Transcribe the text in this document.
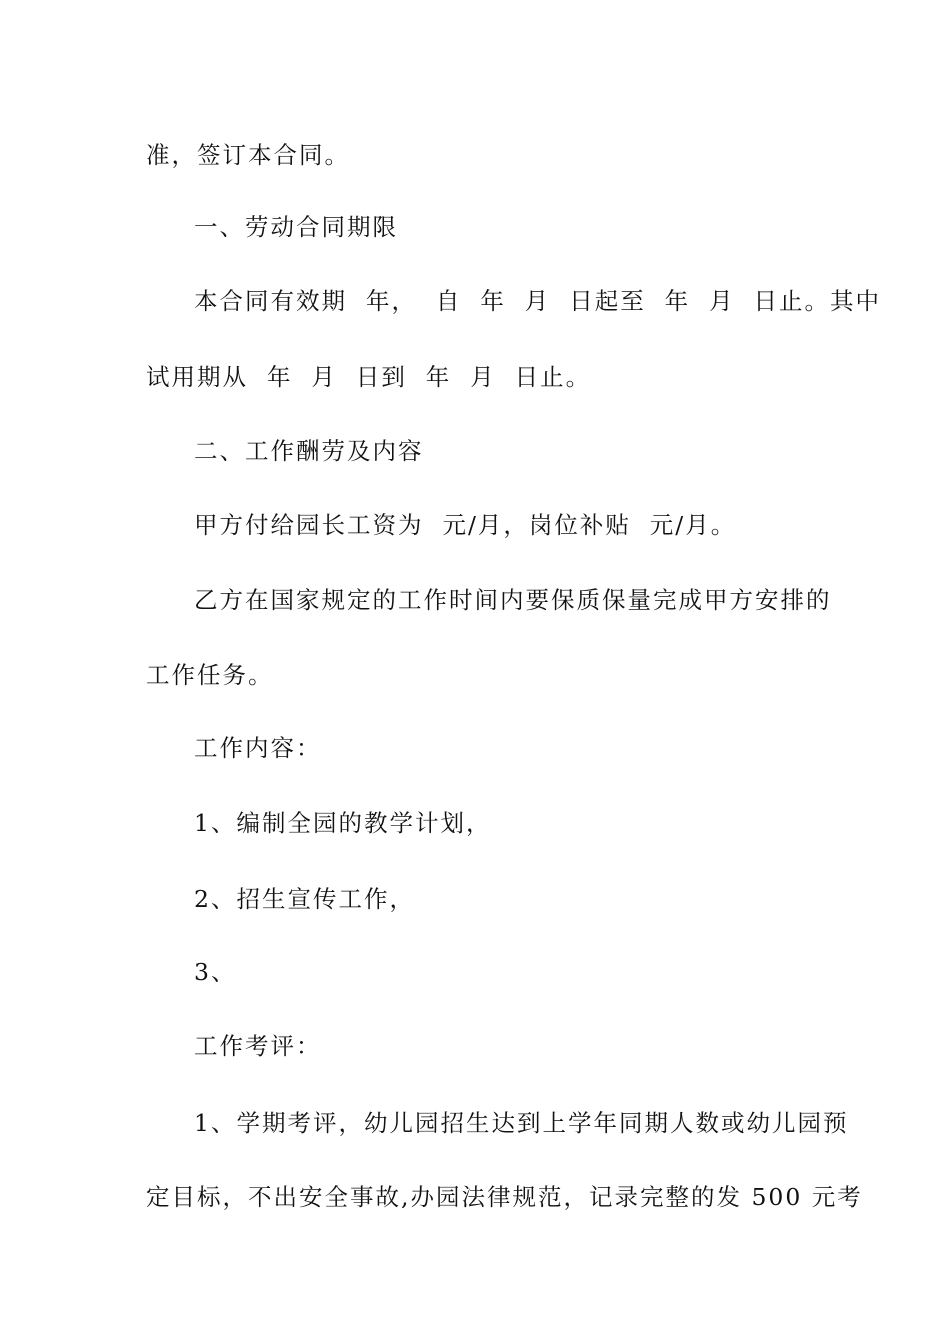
准，签订本合同。
一、劳动合同期限
本合同有效期  年，  自  年  月  日起至  年  月  日止。其中
试用期从  年  月  日到  年  月  日止。
二、工作酬劳及内容
甲方付给园长工资为  元/月，岗位补贴  元/月。
乙方在国家规定的工作时间内要保质保量完成甲方安排的
工作任务。
工作内容：
1、编制全园的教学计划，
2、招生宣传工作，
3、
工作考评：
1、学期考评，幼儿园招生达到上学年同期人数或幼儿园预
定目标，不出安全事故,办园法律规范，记录完整的发 500 元考
